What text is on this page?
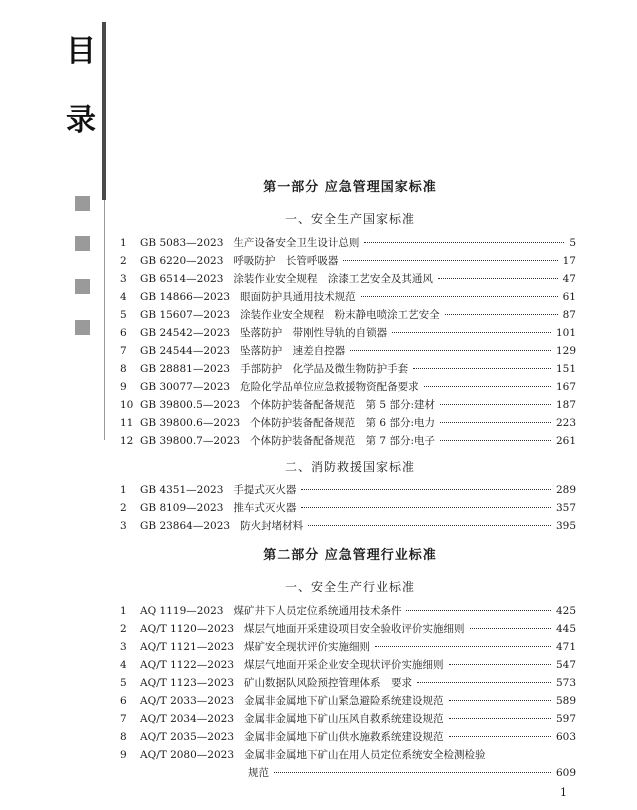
目
录
第一部分 应急管理国家标准
一、安全生产国家标准
1	GB 5083—2023 生产设备安全卫生设计总则	5
2	GB 6220—2023 呼吸防护　长管呼吸器	17
3	GB 6514—2023 涂装作业安全规程　涂漆工艺安全及其通风	47
4	GB 14866—2023 眼面防护具通用技术规范	61
5	GB 15607—2023 涂装作业安全规程　粉末静电喷涂工艺安全	87
6	GB 24542—2023 坠落防护　带刚性导轨的自锁器	101
7	GB 24544—2023 坠落防护　速差自控器	129
8	GB 28881—2023 手部防护　化学品及微生物防护手套	151
9	GB 30077—2023 危险化学品单位应急救援物资配备要求	167
10 GB 39800.5—2023 个体防护装备配备规范　第 5 部分:建材	187
11 GB 39800.6—2023 个体防护装备配备规范　第 6 部分:电力	223
12 GB 39800.7—2023 个体防护装备配备规范　第 7 部分:电子	261
二、消防救援国家标准
1	GB 4351—2023 手提式灭火器	289
2	GB 8109—2023 推车式灭火器	357
3	GB 23864—2023 防火封堵材料	395
第二部分 应急管理行业标准
一、安全生产行业标准
1	AQ 1119—2023 煤矿井下人员定位系统通用技术条件	425
2	AQ/T 1120—2023 煤层气地面开采建设项目安全验收评价实施细则	445
3	AQ/T 1121—2023 煤矿安全现状评价实施细则	471
4	AQ/T 1122—2023 煤层气地面开采企业安全现状评价实施细则	547
5	AQ/T 1123—2023 矿山数据队风险预控管理体系　要求	573
6	AQ/T 2033—2023 金属非金属地下矿山紧急避险系统建设规范	589
7	AQ/T 2034—2023 金属非金属地下矿山压风自救系统建设规范	597
8	AQ/T 2035—2023 金属非金属地下矿山供水施救系统建设规范	603
9	AQ/T 2080—2023 金属非金属地下矿山在用人员定位系统安全检测检验
规范	609
1
